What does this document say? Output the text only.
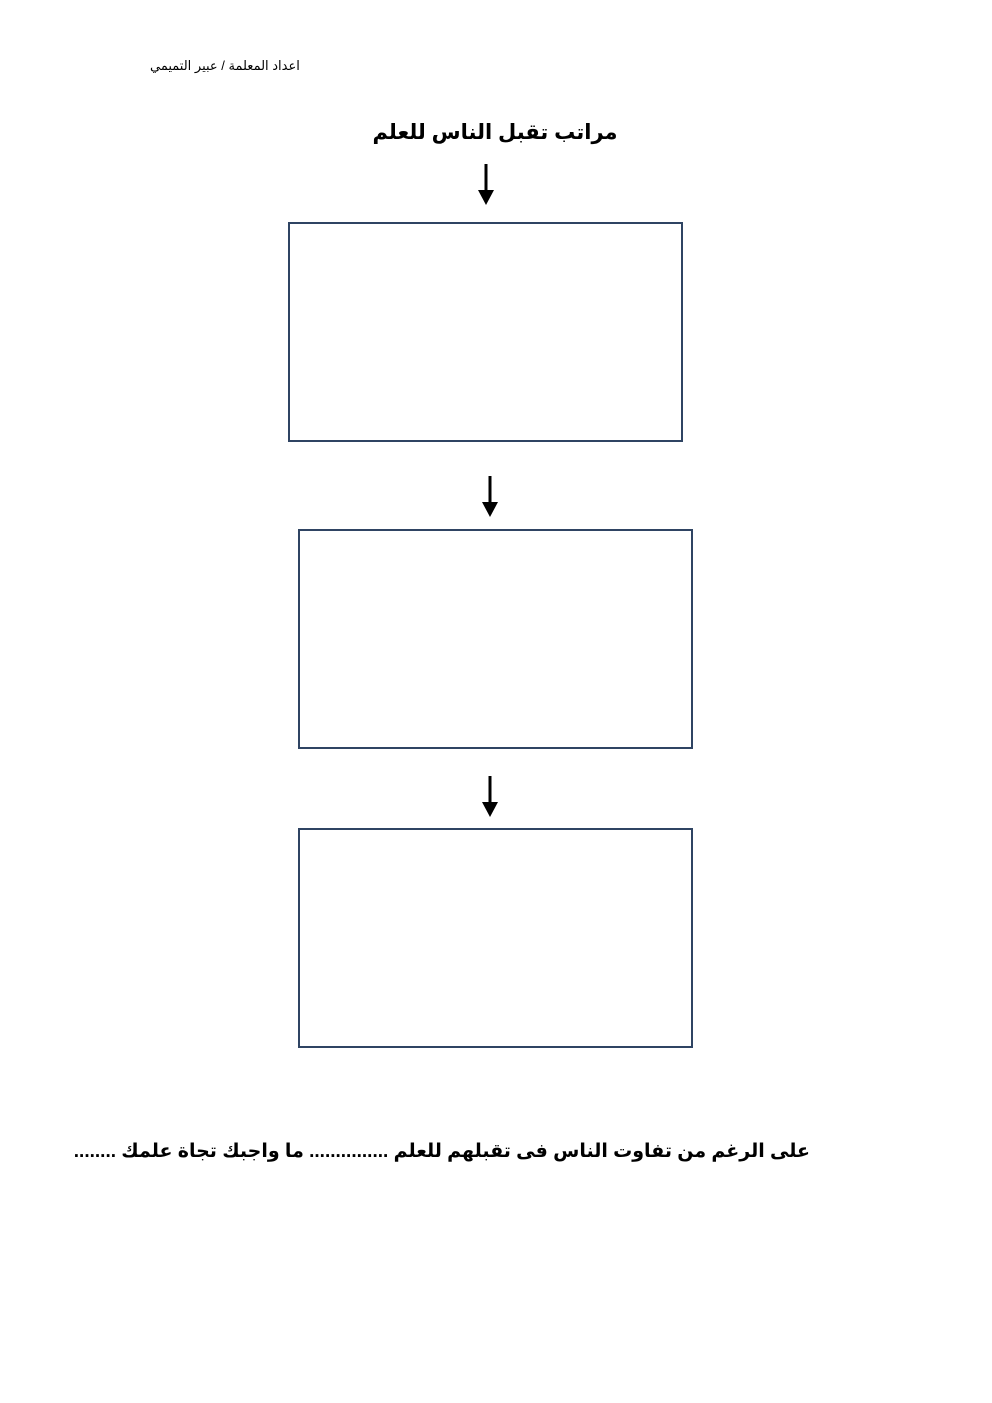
اعداد المعلمة / عبير التميمي
مراتب تقبل الناس للعلم
على الرغم من تفاوت الناس فى تقبلهم للعلم ............... ما واجبك تجاة علمك ........
